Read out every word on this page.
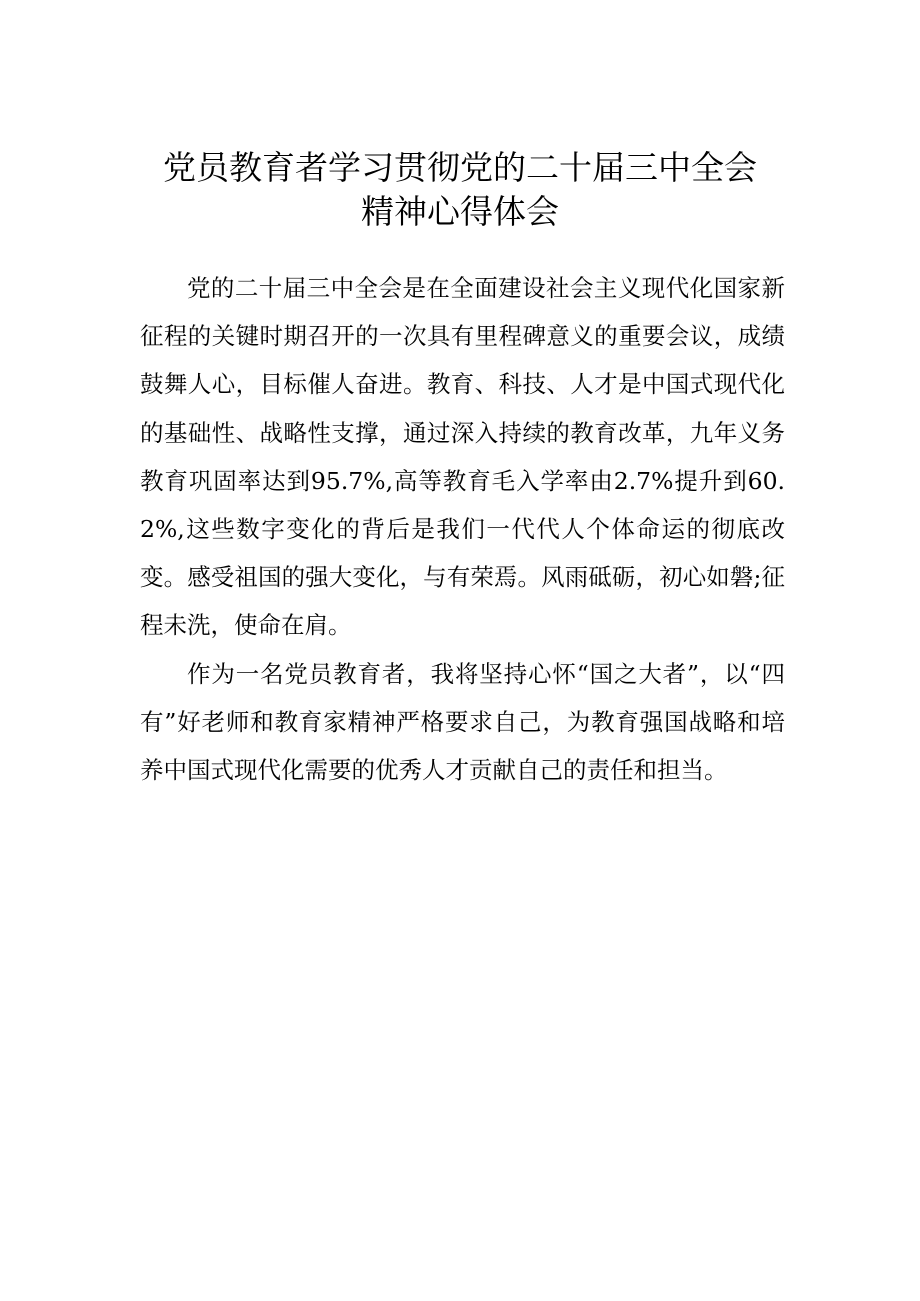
党员教育者学习贯彻党的二十届三中全会
精神心得体会

党的二十届三中全会是在全面建设社会主义现代化国家新征程的关键时期召开的一次具有里程碑意义的重要会议，成绩鼓舞人心，目标催人奋进。教育、科技、人才是中国式现代化的基础性、战略性支撑，通过深入持续的教育改革，九年义务教育巩固率达到95.7%,高等教育毛入学率由2.7%提升到60.2%,这些数字变化的背后是我们一代代人个体命运的彻底改变。感受祖国的强大变化，与有荣焉。风雨砥砺，初心如磐;征程未洗，使命在肩。

作为一名党员教育者，我将坚持心怀“国之大者”，以“四有”好老师和教育家精神严格要求自己，为教育强国战略和培养中国式现代化需要的优秀人才贡献自己的责任和担当。
